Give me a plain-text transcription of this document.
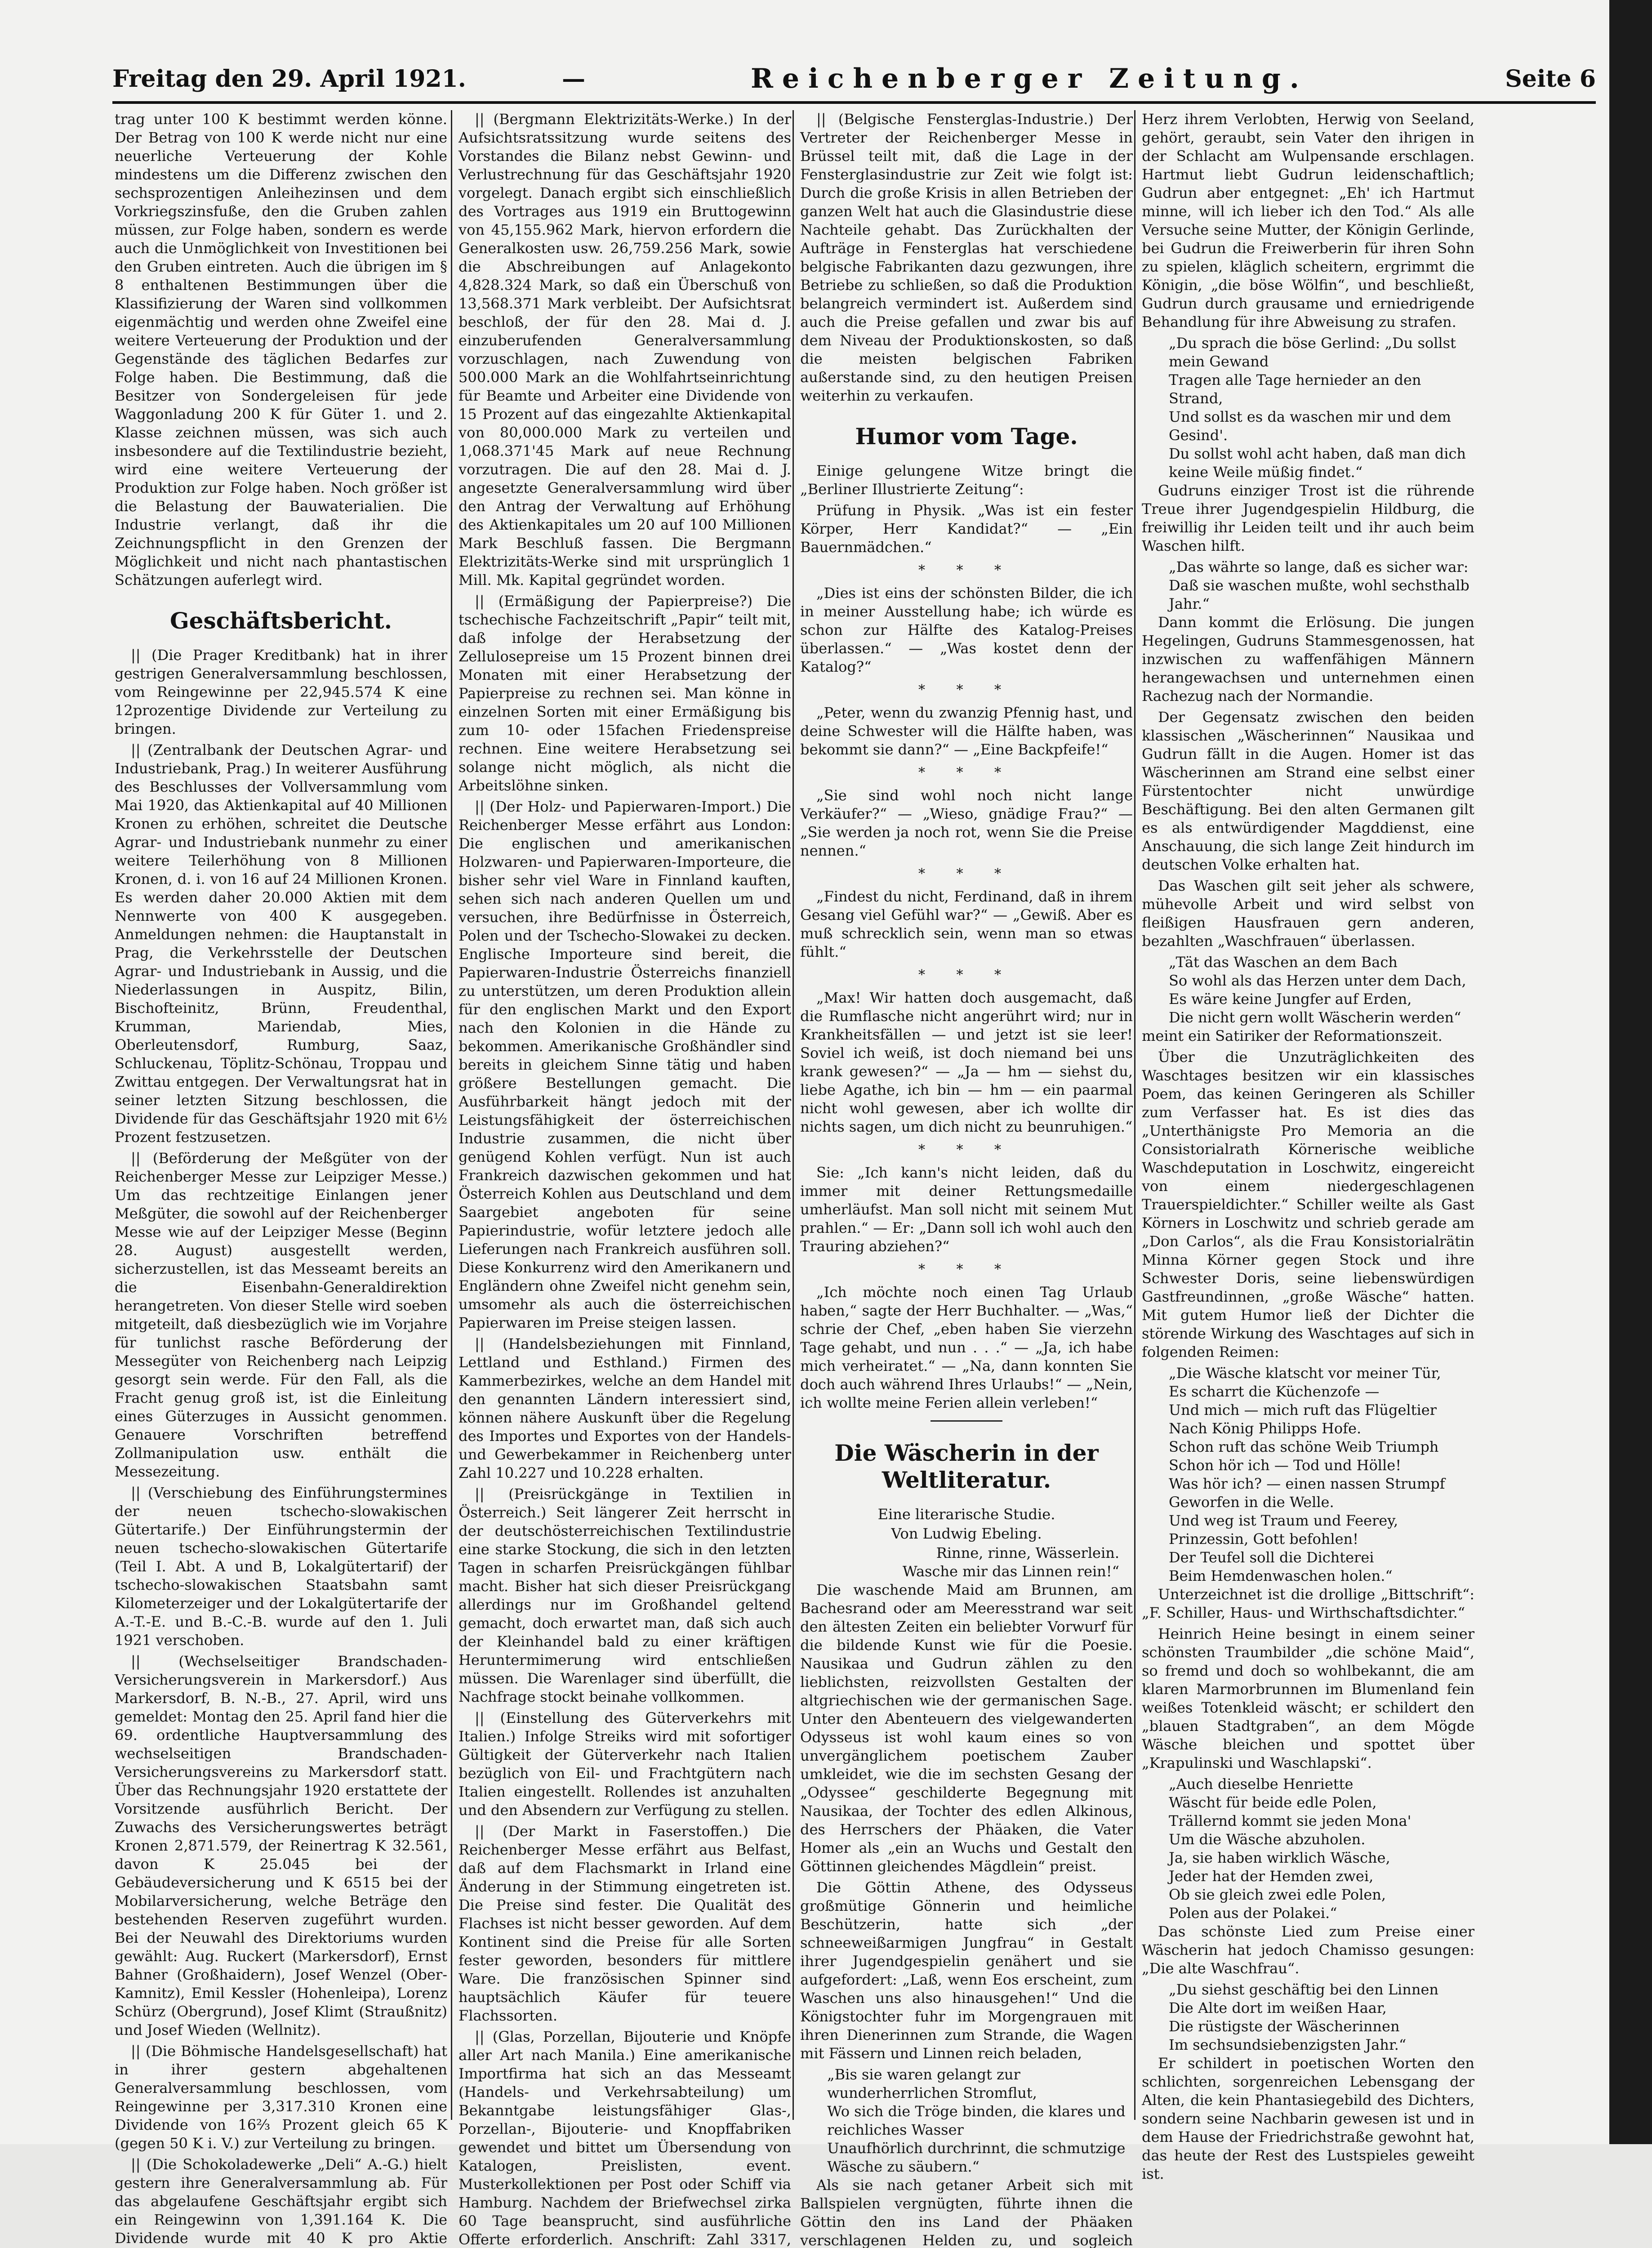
Freitag den 29. April 1921.	—	Reichenberger Zeitung.	Seite 6

trag unter 100 K bestimmt werden könne. Der Betrag von 100 K werde nicht nur eine neuerliche Verteuerung der Kohle mindestens um die Differenz zwischen den sechsprozentigen Anleihezinsen und dem Vorkriegszinsfuße, den die Gruben zahlen müssen, zur Folge haben, sondern es werde auch die Unmöglichkeit von Investitionen bei den Gruben eintreten. Auch die übrigen im § 8 enthaltenen Bestimmungen über die Klassifizierung der Waren sind vollkommen eigenmächtig und werden ohne Zweifel eine weitere Verteuerung der Produktion und der Gegenstände des täglichen Bedarfes zur Folge haben. Die Bestimmung, daß die Besitzer von Sondergeleisen für jede Waggonladung 200 K für Güter 1. und 2. Klasse zeichnen müssen, was sich auch insbesondere auf die Textilindustrie bezieht, wird eine weitere Verteuerung der Produktion zur Folge haben. Noch größer ist die Belastung der Bauwaterialien. Die Industrie verlangt, daß ihr die Zeichnungspflicht in den Grenzen der Möglichkeit und nicht nach phantastischen Schätzungen auferlegt wird.

Geschäftsbericht.

|| (Die Prager Kreditbank) hat in ihrer gestrigen Generalversammlung beschlossen, vom Reingewinne per 22,945.574 K eine 12prozentige Dividende zur Verteilung zu bringen.

|| (Zentralbank der Deutschen Agrar- und Industriebank, Prag.) In weiterer Ausführung des Beschlusses der Vollversammlung vom Mai 1920, das Aktienkapital auf 40 Millionen Kronen zu erhöhen, schreitet die Deutsche Agrar- und Industriebank nunmehr zu einer weitere Teilerhöhung von 8 Millionen Kronen, d. i. von 16 auf 24 Millionen Kronen. Es werden daher 20.000 Aktien mit dem Nennwerte von 400 K ausgegeben. Anmeldungen nehmen: die Hauptanstalt in Prag, die Verkehrsstelle der Deutschen Agrar- und Industriebank in Aussig, und die Niederlassungen in Auspitz, Bilin, Bischofteinitz, Brünn, Freudenthal, Krumman, Mariendab, Mies, Oberleutensdorf, Rumburg, Saaz, Schluckenau, Töplitz-Schönau, Troppau und Zwittau entgegen. Der Verwaltungsrat hat in seiner letzten Sitzung beschlossen, die Dividende für das Geschäftsjahr 1920 mit 6½ Prozent festzusetzen.

|| (Beförderung der Meßgüter von der Reichenberger Messe zur Leipziger Messe.) Um das rechtzeitige Einlangen jener Meßgüter, die sowohl auf der Reichenberger Messe wie auf der Leipziger Messe (Beginn 28. August) ausgestellt werden, sicherzustellen, ist das Messeamt bereits an die Eisenbahn-Generaldirektion herangetreten. Von dieser Stelle wird soeben mitgeteilt, daß diesbezüglich wie im Vorjahre für tunlichst rasche Beförderung der Messegüter von Reichenberg nach Leipzig gesorgt sein werde. Für den Fall, als die Fracht genug groß ist, ist die Einleitung eines Güterzuges in Aussicht genommen. Genauere Vorschriften betreffend Zollmanipulation usw. enthält die Messezeitung.

|| (Verschiebung des Einführungstermines der neuen tschecho-slowakischen Gütertarife.) Der Einführungstermin der neuen tschecho-slowakischen Gütertarife (Teil I. Abt. A und B, Lokalgütertarif) der tschecho-slowakischen Staatsbahn samt Kilometerzeiger und der Lokalgütertarife der A.-T.-E. und B.-C.-B. wurde auf den 1. Juli 1921 verschoben.

|| (Wechselseitiger Brandschaden-Versicherungsverein in Markersdorf.) Aus Markersdorf, B. N.-B., 27. April, wird uns gemeldet: Montag den 25. April fand hier die 69. ordentliche Hauptversammlung des wechselseitigen Brandschaden-Versicherungsvereins zu Markersdorf statt. Über das Rechnungsjahr 1920 erstattete der Vorsitzende ausführlich Bericht. Der Zuwachs des Versicherungswertes beträgt Kronen 2,871.579, der Reinertrag K 32.561, davon K 25.045 bei der Gebäudeversicherung und K 6515 bei der Mobilarversicherung, welche Beträge den bestehenden Reserven zugeführt wurden. Bei der Neuwahl des Direktoriums wurden gewählt: Aug. Ruckert (Markersdorf), Ernst Bahner (Großhaidern), Josef Wenzel (Ober-Kamnitz), Emil Kessler (Hohenleipa), Lorenz Schürz (Obergrund), Josef Klimt (Straußnitz) und Josef Wieden (Wellnitz).

|| (Die Böhmische Handelsgesellschaft) hat in ihrer gestern abgehaltenen Generalversammlung beschlossen, vom Reingewinne per 3,317.310 Kronen eine Dividende von 16⅔ Prozent gleich 65 K (gegen 50 K i. V.) zur Verteilung zu bringen.

|| (Die Schokoladewerke „Deli“ A.-G.) hielt gestern ihre Generalversammlung ab. Für das abgelaufene Geschäftsjahr ergibt sich ein Reingewinn von 1,391.164 K. Die Dividende wurde mit 40 K pro Aktie

|| (Bergmann Elektrizitäts-Werke.) In der Aufsichtsratssitzung wurde seitens des Vorstandes die Bilanz nebst Gewinn- und Verlustrechnung für das Geschäftsjahr 1920 vorgelegt. Danach ergibt sich einschließlich des Vortrages aus 1919 ein Bruttogewinn von 45,155.962 Mark, hiervon erfordern die Generalkosten usw. 26,759.256 Mark, sowie die Abschreibungen auf Anlagekonto 4,828.324 Mark, so daß ein Überschuß von 13,568.371 Mark verbleibt. Der Aufsichtsrat beschloß, der für den 28. Mai d. J. einzuberufenden Generalversammlung vorzuschlagen, nach Zuwendung von 500.000 Mark an die Wohlfahrtseinrichtung für Beamte und Arbeiter eine Dividende von 15 Prozent auf das eingezahlte Aktienkapital von 80,000.000 Mark zu verteilen und 1,068.371'45 Mark auf neue Rechnung vorzutragen. Die auf den 28. Mai d. J. angesetzte Generalversammlung wird über den Antrag der Verwaltung auf Erhöhung des Aktienkapitales um 20 auf 100 Millionen Mark Beschluß fassen. Die Bergmann Elektrizitäts-Werke sind mit ursprünglich 1 Mill. Mk. Kapital gegründet worden.

|| (Ermäßigung der Papierpreise?) Die tschechische Fachzeitschrift „Papir“ teilt mit, daß infolge der Herabsetzung der Zellulosepreise um 15 Prozent binnen drei Monaten mit einer Herabsetzung der Papierpreise zu rechnen sei. Man könne in einzelnen Sorten mit einer Ermäßigung bis zum 10- oder 15fachen Friedenspreise rechnen. Eine weitere Herabsetzung sei solange nicht möglich, als nicht die Arbeitslöhne sinken.

|| (Der Holz- und Papierwaren-Import.) Die Reichenberger Messe erfährt aus London: Die englischen und amerikanischen Holzwaren- und Papierwaren-Importeure, die bisher sehr viel Ware in Finnland kauften, sehen sich nach anderen Quellen um und versuchen, ihre Bedürfnisse in Österreich, Polen und der Tschecho-Slowakei zu decken. Englische Importeure sind bereit, die Papierwaren-Industrie Österreichs finanziell zu unterstützen, um deren Produktion allein für den englischen Markt und den Export nach den Kolonien in die Hände zu bekommen. Amerikanische Großhändler sind bereits in gleichem Sinne tätig und haben größere Bestellungen gemacht. Die Ausführbarkeit hängt jedoch mit der Leistungsfähigkeit der österreichischen Industrie zusammen, die nicht über genügend Kohlen verfügt. Nun ist auch Frankreich dazwischen gekommen und hat Österreich Kohlen aus Deutschland und dem Saargebiet angeboten für seine Papierindustrie, wofür letztere jedoch alle Lieferungen nach Frankreich ausführen soll. Diese Konkurrenz wird den Amerikanern und Engländern ohne Zweifel nicht genehm sein, umsomehr als auch die österreichischen Papierwaren im Preise steigen lassen.

|| (Handelsbeziehungen mit Finnland, Lettland und Esthland.) Firmen des Kammerbezirkes, welche an dem Handel mit den genannten Ländern interessiert sind, können nähere Auskunft über die Regelung des Importes und Exportes von der Handels- und Gewerbekammer in Reichenberg unter Zahl 10.227 und 10.228 erhalten.

|| (Preisrückgänge in Textilien in Österreich.) Seit längerer Zeit herrscht in der deutschösterreichischen Textilindustrie eine starke Stockung, die sich in den letzten Tagen in scharfen Preisrückgängen fühlbar macht. Bisher hat sich dieser Preisrückgang allerdings nur im Großhandel geltend gemacht, doch erwartet man, daß sich auch der Kleinhandel bald zu einer kräftigen Heruntermimerung wird entschließen müssen. Die Warenlager sind überfüllt, die Nachfrage stockt beinahe vollkommen.

|| (Einstellung des Güterverkehrs mit Italien.) Infolge Streiks wird mit sofortiger Gültigkeit der Güterverkehr nach Italien bezüglich von Eil- und Frachtgütern nach Italien eingestellt. Rollendes ist anzuhalten und den Absendern zur Verfügung zu stellen.

|| (Der Markt in Faserstoffen.) Die Reichenberger Messe erfährt aus Belfast, daß auf dem Flachsmarkt in Irland eine Änderung in der Stimmung eingetreten ist. Die Preise sind fester. Die Qualität des Flachses ist nicht besser geworden. Auf dem Kontinent sind die Preise für alle Sorten fester geworden, besonders für mittlere Ware. Die französischen Spinner sind hauptsächlich Käufer für teuere Flachssorten.

|| (Glas, Porzellan, Bijouterie und Knöpfe aller Art nach Manila.) Eine amerikanische Importfirma hat sich an das Messeamt (Handels- und Verkehrsabteilung) um Bekanntgabe leistungsfähiger Glas-, Porzellan-, Bijouterie- und Knopffabriken gewendet und bittet um Übersendung von Katalogen, Preislisten, event. Musterkollektionen per Post oder Schiff via Hamburg. Nachdem der Briefwechsel zirka 60 Tage beansprucht, sind ausführliche Offerte erforderlich. Anschrift: Zahl 3317,

|| (Belgische Fensterglas-Industrie.) Der Vertreter der Reichenberger Messe in Brüssel teilt mit, daß die Lage in der Fensterglasindustrie zur Zeit wie folgt ist: Durch die große Krisis in allen Betrieben der ganzen Welt hat auch die Glasindustrie diese Nachteile gehabt. Das Zurückhalten der Aufträge in Fensterglas hat verschiedene belgische Fabrikanten dazu gezwungen, ihre Betriebe zu schließen, so daß die Produktion belangreich vermindert ist. Außerdem sind auch die Preise gefallen und zwar bis auf dem Niveau der Produktionskosten, so daß die meisten belgischen Fabriken außerstande sind, zu den heutigen Preisen weiterhin zu verkaufen.

Humor vom Tage.

Einige gelungene Witze bringt die „Berliner Illustrierte Zeitung“:

Prüfung in Physik. „Was ist ein fester Körper, Herr Kandidat?“ — „Ein Bauernmädchen.“

* * *

„Dies ist eins der schönsten Bilder, die ich in meiner Ausstellung habe; ich würde es schon zur Hälfte des Katalog-Preises überlassen.“ — „Was kostet denn der Katalog?“

* * *

„Peter, wenn du zwanzig Pfennig hast, und deine Schwester will die Hälfte haben, was bekommt sie dann?“ — „Eine Backpfeife!“

* * *

„Sie sind wohl noch nicht lange Verkäufer?“ — „Wieso, gnädige Frau?“ — „Sie werden ja noch rot, wenn Sie die Preise nennen.“

* * *

„Findest du nicht, Ferdinand, daß in ihrem Gesang viel Gefühl war?“ — „Gewiß. Aber es muß schrecklich sein, wenn man so etwas fühlt.“

* * *

„Max! Wir hatten doch ausgemacht, daß die Rumflasche nicht angerührt wird; nur in Krankheitsfällen — und jetzt ist sie leer! Soviel ich weiß, ist doch niemand bei uns krank gewesen?“ — „Ja — hm — siehst du, liebe Agathe, ich bin — hm — ein paarmal nicht wohl gewesen, aber ich wollte dir nichts sagen, um dich nicht zu beunruhigen.“

* * *

Sie: „Ich kann's nicht leiden, daß du immer mit deiner Rettungsmedaille umherläufst. Man soll nicht mit seinem Mut prahlen.“ — Er: „Dann soll ich wohl auch den Trauring abziehen?“

* * *

„Ich möchte noch einen Tag Urlaub haben,“ sagte der Herr Buchhalter. — „Was,“ schrie der Chef, „eben haben Sie vierzehn Tage gehabt, und nun . . .“ — „Ja, ich habe mich verheiratet.“ — „Na, dann konnten Sie doch auch während Ihres Urlaubs!“ — „Nein, ich wollte meine Ferien allein verleben!“

Die Wäscherin in der Weltliteratur.

Eine literarische Studie.

Von Ludwig Ebeling.

Rinne, rinne, Wässerlein.

Wasche mir das Linnen rein!“

Die waschende Maid am Brunnen, am Bachesrand oder am Meeresstrand war seit den ältesten Zeiten ein beliebter Vorwurf für die bildende Kunst wie für die Poesie. Nausikaa und Gudrun zählen zu den lieblichsten, reizvollsten Gestalten der altgriechischen wie der germanischen Sage. Unter den Abenteuern des vielgewanderten Odysseus ist wohl kaum eines so von unvergänglichem poetischem Zauber umkleidet, wie die im sechsten Gesang der „Odyssee“ geschilderte Begegnung mit Nausikaa, der Tochter des edlen Alkinous, des Herrschers der Phäaken, die Vater Homer als „ein an Wuchs und Gestalt den Göttinnen gleichendes Mägdlein“ preist.

Die Göttin Athene, des Odysseus großmütige Gönnerin und heimliche Beschützerin, hatte sich „der schneeweißarmigen Jungfrau“ in Gestalt ihrer Jugendgespielin genähert und sie aufgefordert: „Laß, wenn Eos erscheint, zum Waschen uns also hinausgehen!“ Und die Königstochter fuhr im Morgengrauen mit ihren Dienerinnen zum Strande, die Wagen mit Fässern und Linnen reich beladen,

„Bis sie waren gelangt zur wunderherrlichen Stromflut,

Wo sich die Tröge binden, die klares und reichliches Wasser

Unaufhörlich durchrinnt, die schmutzige Wäsche zu säubern.“

Als sie nach getaner Arbeit sich mit Ballspielen vergnügten, führte ihnen die Göttin den ins Land der Phäaken verschlagenen Helden zu, und sogleich

Herz ihrem Verlobten, Herwig von Seeland, gehört, geraubt, sein Vater den ihrigen in der Schlacht am Wulpensande erschlagen. Hartmut liebt Gudrun leidenschaftlich; Gudrun aber entgegnet: „Eh' ich Hartmut minne, will ich lieber ich den Tod.“ Als alle Versuche seine Mutter, der Königin Gerlinde, bei Gudrun die Freiwerberin für ihren Sohn zu spielen, kläglich scheitern, ergrimmt die Königin, „die böse Wölfin“, und beschließt, Gudrun durch grausame und erniedrigende Behandlung für ihre Abweisung zu strafen.

„Du sprach die böse Gerlind: „Du sollst mein Gewand

Tragen alle Tage hernieder an den Strand,

Und sollst es da waschen mir und dem Gesind'.

Du sollst wohl acht haben, daß man dich keine Weile müßig findet.“

Gudruns einziger Trost ist die rührende Treue ihrer Jugendgespielin Hildburg, die freiwillig ihr Leiden teilt und ihr auch beim Waschen hilft.

„Das währte so lange, daß es sicher war:

Daß sie waschen mußte, wohl sechsthalb Jahr.“

Dann kommt die Erlösung. Die jungen Hegelingen, Gudruns Stammesgenossen, hat inzwischen zu waffenfähigen Männern herangewachsen und unternehmen einen Rachezug nach der Normandie.

Der Gegensatz zwischen den beiden klassischen „Wäscherinnen“ Nausikaa und Gudrun fällt in die Augen. Homer ist das Wäscherinnen am Strand eine selbst einer Fürstentochter nicht unwürdige Beschäftigung. Bei den alten Germanen gilt es als entwürdigender Magddienst, eine Anschauung, die sich lange Zeit hindurch im deutschen Volke erhalten hat.

Das Waschen gilt seit jeher als schwere, mühevolle Arbeit und wird selbst von fleißigen Hausfrauen gern anderen, bezahlten „Waschfrauen“ überlassen.

„Tät das Waschen an dem Bach

So wohl als das Herzen unter dem Dach,

Es wäre keine Jungfer auf Erden,

Die nicht gern wollt Wäscherin werden“

meint ein Satiriker der Reformationszeit.

Über die Unzuträglichkeiten des Waschtages besitzen wir ein klassisches Poem, das keinen Geringeren als Schiller zum Verfasser hat. Es ist dies das „Unterthänigste Pro Memoria an die Consistorialrath Körnerische weibliche Waschdeputation in Loschwitz, eingereicht von einem niedergeschlagenen Trauerspieldichter.“ Schiller weilte als Gast Körners in Loschwitz und schrieb gerade am „Don Carlos“, als die Frau Konsistorialrätin Minna Körner gegen Stock und ihre Schwester Doris, seine liebenswürdigen Gastfreundinnen, „große Wäsche“ hatten. Mit gutem Humor ließ der Dichter die störende Wirkung des Waschtages auf sich in folgenden Reimen:

„Die Wäsche klatscht vor meiner Tür,

Es scharrt die Küchenzofe —

Und mich — mich ruft das Flügeltier

Nach König Philipps Hofe.

Schon ruft das schöne Weib Triumph

Schon hör ich — Tod und Hölle!

Was hör ich? — einen nassen Strumpf

Geworfen in die Welle.

Und weg ist Traum und Feerey,

Prinzessin, Gott befohlen!

Der Teufel soll die Dichterei

Beim Hemdenwaschen holen.“

Unterzeichnet ist die drollige „Bittschrift“: „F. Schiller, Haus- und Wirthschaftsdichter.“

Heinrich Heine besingt in einem seiner schönsten Traumbilder „die schöne Maid“, so fremd und doch so wohlbekannt, die am klaren Marmorbrunnen im Blumenland fein weißes Totenkleid wäscht; er schildert den „blauen Stadtgraben“, an dem Mögde Wäsche bleichen und spottet über „Krapulinski und Waschlapski“.

„Auch dieselbe Henriette

Wäscht für beide edle Polen,

Trällernd kommt sie jeden Mona'

Um die Wäsche abzuholen.

Ja, sie haben wirklich Wäsche,

Jeder hat der Hemden zwei,

Ob sie gleich zwei edle Polen,

Polen aus der Polakei.“

Das schönste Lied zum Preise einer Wäscherin hat jedoch Chamisso gesungen: „Die alte Waschfrau“.

„Du siehst geschäftig bei den Linnen

Die Alte dort im weißen Haar,

Die rüstigste der Wäscherinnen

Im sechsundsiebenzigsten Jahr.“

Er schildert in poetischen Worten den schlichten, sorgenreichen Lebensgang der Alten, die kein Phantasiegebild des Dichters, sondern seine Nachbarin gewesen ist und in dem Hause der Friedrichstraße gewohnt hat, das heute der Rest des Lustspieles geweiht ist.
